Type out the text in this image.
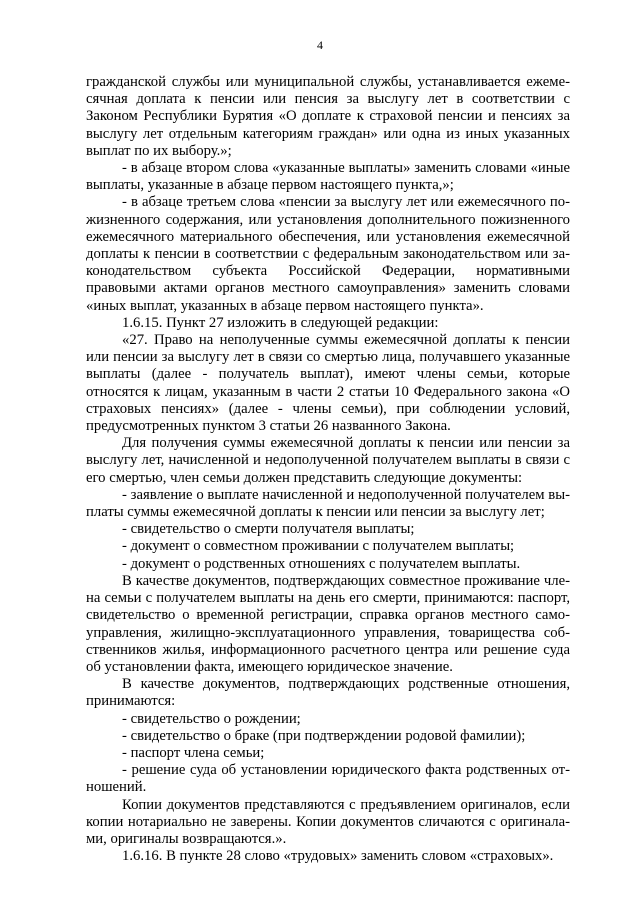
4

гражданской службы или муниципальной службы, устанавливается ежемесячная доплата к пенсии или пенсия за выслугу лет в соответствии с Законом Республики Бурятия «О доплате к страховой пенсии и пенсиях за выслугу лет отдельным категориям граждан» или одна из иных указанных выплат по их выбору.»;

- в абзаце втором слова «указанные выплаты» заменить словами «иные выплаты, указанные в абзаце первом настоящего пункта,»;

- в абзаце третьем слова «пенсии за выслугу лет или ежемесячного пожизненного содержания, или установления дополнительного пожизненного ежемесячного материального обеспечения, или установления ежемесячной доплаты к пенсии в соответствии с федеральным законодательством или законодательством субъекта Российской Федерации, нормативными правовыми актами органов местного самоуправления» заменить словами «иных выплат, указанных в абзаце первом настоящего пункта».

1.6.15. Пункт 27 изложить в следующей редакции:

«27. Право на неполученные суммы ежемесячной доплаты к пенсии или пенсии за выслугу лет в связи со смертью лица, получавшего указанные выплаты (далее - получатель выплат), имеют члены семьи, которые относятся к лицам, указанным в части 2 статьи 10 Федерального закона «О страховых пенсиях» (далее - члены семьи), при соблюдении условий, предусмотренных пунктом 3 статьи 26 названного Закона.

Для получения суммы ежемесячной доплаты к пенсии или пенсии за выслугу лет, начисленной и недополученной получателем выплаты в связи с его смертью, член семьи должен представить следующие документы:

- заявление о выплате начисленной и недополученной получателем выплаты суммы ежемесячной доплаты к пенсии или пенсии за выслугу лет;

- свидетельство о смерти получателя выплаты;

- документ о совместном проживании с получателем выплаты;

- документ о родственных отношениях с получателем выплаты.

В качестве документов, подтверждающих совместное проживание члена семьи с получателем выплаты на день его смерти, принимаются: паспорт, свидетельство о временной регистрации, справка органов местного самоуправления, жилищно-эксплуатационного управления, товарищества собственников жилья, информационного расчетного центра или решение суда об установлении факта, имеющего юридическое значение.

В качестве документов, подтверждающих родственные отношения, принимаются:

- свидетельство о рождении;

- свидетельство о браке (при подтверждении родовой фамилии);

- паспорт члена семьи;

- решение суда об установлении юридического факта родственных отношений.

Копии документов представляются с предъявлением оригиналов, если копии нотариально не заверены. Копии документов сличаются с оригиналами, оригиналы возвращаются.».

1.6.16. В пункте 28 слово «трудовых» заменить словом «страховых».
